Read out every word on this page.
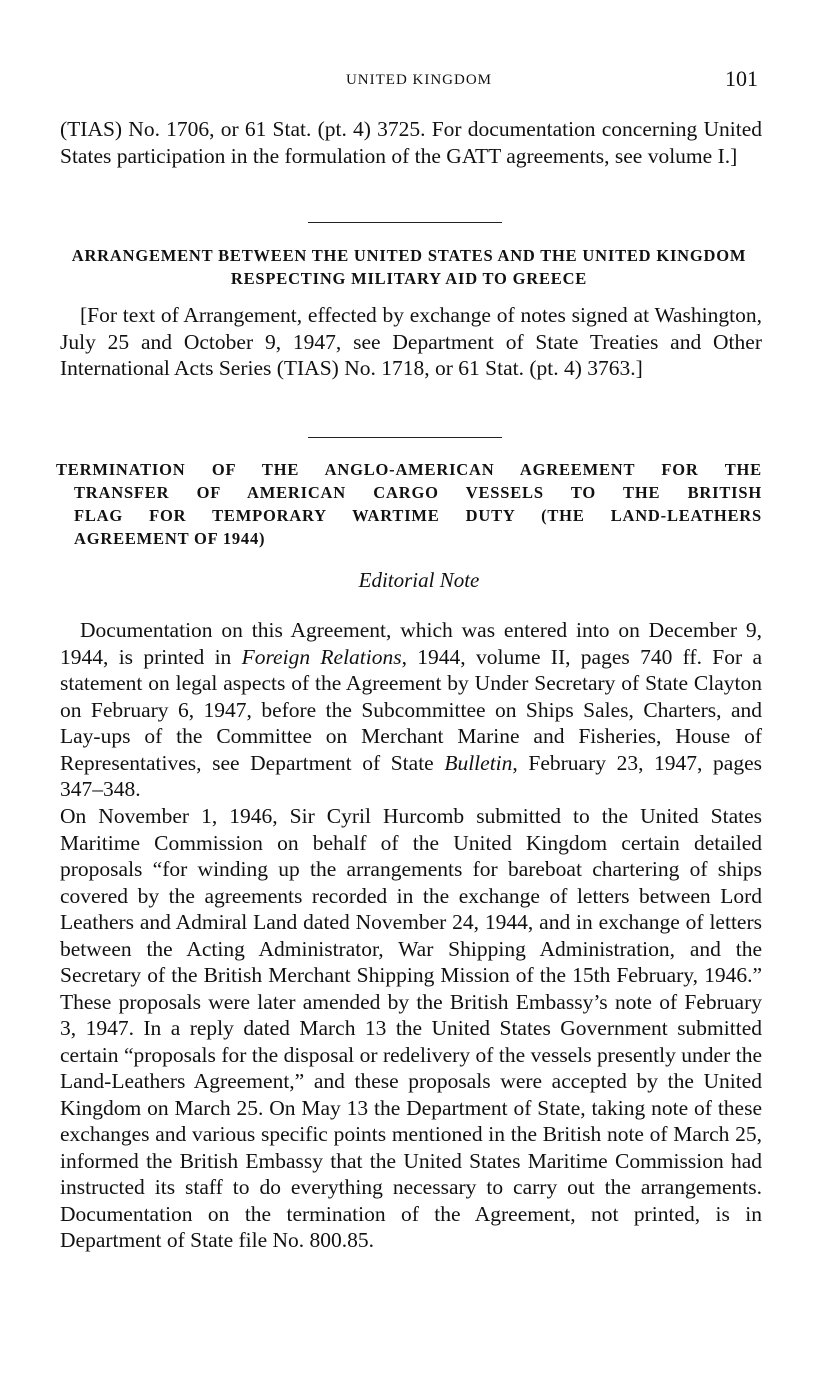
UNITED KINGDOM	101
(TIAS) No. 1706, or 61 Stat. (pt. 4) 3725. For documentation concerning United States participation in the formulation of the GATT agreements, see volume I.]
ARRANGEMENT BETWEEN THE UNITED STATES AND THE UNITED KINGDOM RESPECTING MILITARY AID TO GREECE
[For text of Arrangement, effected by exchange of notes signed at Washington, July 25 and October 9, 1947, see Department of State Treaties and Other International Acts Series (TIAS) No. 1718, or 61 Stat. (pt. 4) 3763.]
TERMINATION OF THE ANGLO-AMERICAN AGREEMENT FOR THE
TRANSFER OF AMERICAN CARGO VESSELS TO THE BRITISH
FLAG FOR TEMPORARY WARTIME DUTY (THE LAND-LEATHERS
AGREEMENT OF 1944)
Editorial Note
Documentation on this Agreement, which was entered into on December 9, 1944, is printed in Foreign Relations, 1944, volume II, pages 740 ff. For a statement on legal aspects of the Agreement by Under Secretary of State Clayton on February 6, 1947, before the Subcommittee on Ships Sales, Charters, and Lay-ups of the Committee on Merchant Marine and Fisheries, House of Representatives, see Department of State Bulletin, February 23, 1947, pages 347–348.
On November 1, 1946, Sir Cyril Hurcomb submitted to the United States Maritime Commission on behalf of the United Kingdom certain detailed proposals “for winding up the arrangements for bareboat chartering of ships covered by the agreements recorded in the exchange of letters between Lord Leathers and Admiral Land dated November 24, 1944, and in exchange of letters between the Acting Administrator, War Shipping Administration, and the Secretary of the British Merchant Shipping Mission of the 15th February, 1946.” These proposals were later amended by the British Embassy’s note of February 3, 1947. In a reply dated March 13 the United States Government submitted certain “proposals for the disposal or redelivery of the vessels presently under the Land-Leathers Agreement,” and these proposals were accepted by the United Kingdom on March 25. On May 13 the Department of State, taking note of these exchanges and various specific points mentioned in the British note of March 25, informed the British Embassy that the United States Maritime Commission had instructed its staff to do everything necessary to carry out the arrangements. Documentation on the termination of the Agreement, not printed, is in Department of State file No. 800.85.
